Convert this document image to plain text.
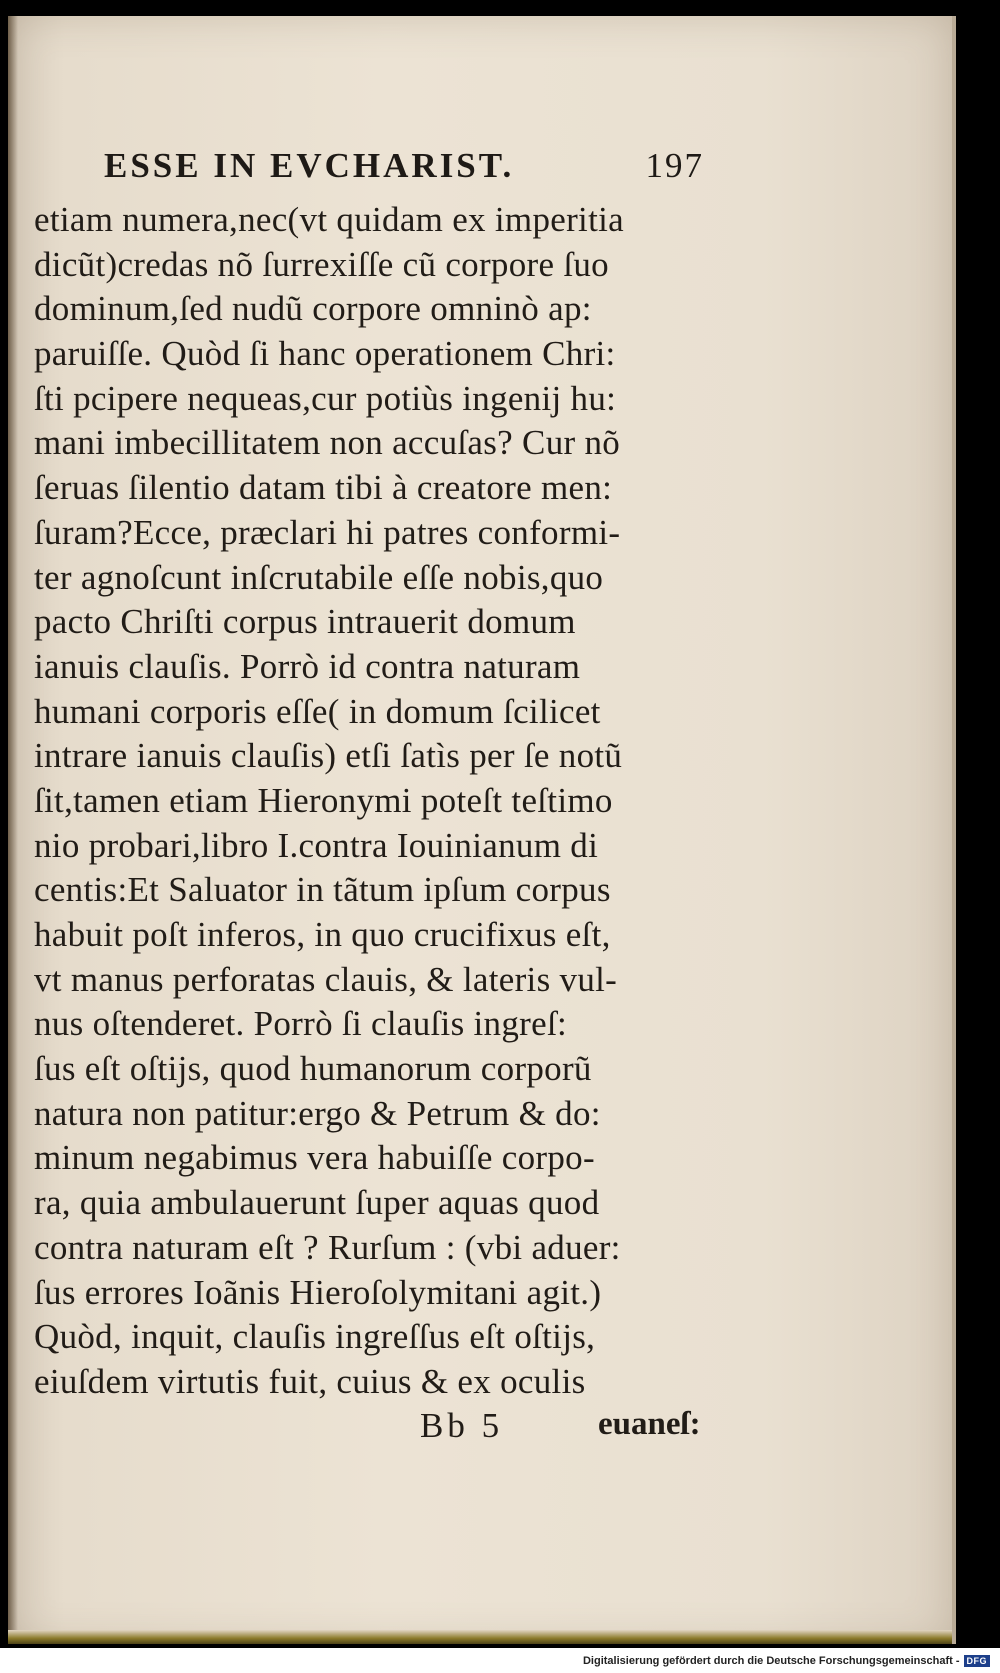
ESSE IN EVCHARIST.	197
etiam numera,nec(vt quidam ex imperitia
dicũt)credas nõ ſurrexiſſe cũ corpore ſuo
dominum,ſed nudũ corpore omninò ap:
paruiſſe. Quòd ſi hanc operationem Chri:
ſti pcipere nequeas,cur potiùs ingenij hu:
mani imbecillitatem non accuſas? Cur nõ
ſeruas ſilentio datam tibi à creatore men:
ſuram?Ecce, præclari hi patres conformi-
ter agnoſcunt inſcrutabile eſſe nobis,quo
pacto Chriſti corpus intrauerit domum
ianuis clauſis. Porrò id contra naturam
humani corporis eſſe( in domum ſcilicet
intrare ianuis clauſis) etſi ſatìs per ſe notũ
ſit,tamen etiam Hieronymi poteſt teſtimo
nio probari,libro I.contra Iouinianum di
centis:Et Saluator in tãtum ipſum corpus
habuit poſt inferos, in quo crucifixus eſt,
vt manus perforatas clauis, & lateris vul-
nus oſtenderet. Porrò ſi clauſis ingreſ:
ſus eſt oſtijs, quod humanorum corporũ
natura non patitur:ergo & Petrum & do:
minum negabimus vera habuiſſe corpo-
ra, quia ambulauerunt ſuper aquas quod
contra naturam eſt ? Rurſum : (vbi aduer:
ſus errores Ioãnis Hieroſolymitani agit.)
Quòd, inquit, clauſis ingreſſus eſt oſtijs,
eiuſdem virtutis fuit, cuius & ex oculis
Bb 5	euaneſ:
Digitalisierung gefördert durch die Deutsche Forschungsgemeinschaft - DFG
